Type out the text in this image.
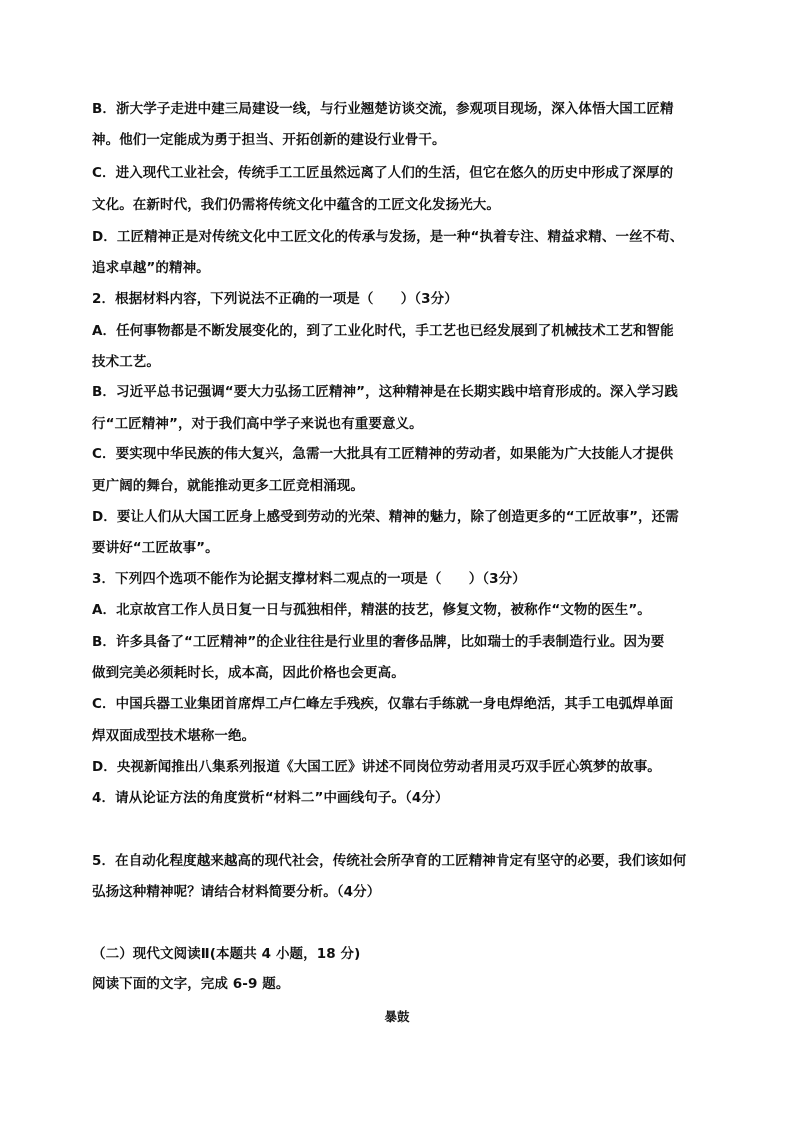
B．浙大学子走进中建三局建设一线，与行业翘楚访谈交流，参观项目现场，深入体悟大国工匠精
神。他们一定能成为勇于担当、开拓创新的建设行业骨干。
C．进入现代工业社会，传统手工工匠虽然远离了人们的生活，但它在悠久的历史中形成了深厚的
文化。在新时代，我们仍需将传统文化中蕴含的工匠文化发扬光大。
D．工匠精神正是对传统文化中工匠文化的传承与发扬，是一种“执着专注、精益求精、一丝不苟、
追求卓越”的精神。
2．根据材料内容，下列说法不正确的一项是（　　）（3分）
A．任何事物都是不断发展变化的，到了工业化时代，手工艺也已经发展到了机械技术工艺和智能
技术工艺。
B．习近平总书记强调“要大力弘扬工匠精神”，这种精神是在长期实践中培育形成的。深入学习践
行“工匠精神”，对于我们高中学子来说也有重要意义。
C．要实现中华民族的伟大复兴，急需一大批具有工匠精神的劳动者，如果能为广大技能人才提供
更广阔的舞台，就能推动更多工匠竞相涌现。
D．要让人们从大国工匠身上感受到劳动的光荣、精神的魅力，除了创造更多的“工匠故事”，还需
要讲好“工匠故事”。
3．下列四个选项不能作为论据支撑材料二观点的一项是（　　）（3分）
A．北京故宫工作人员日复一日与孤独相伴，精湛的技艺，修复文物，被称作“文物的医生”。
B．许多具备了“工匠精神”的企业往往是行业里的奢侈品牌，比如瑞士的手表制造行业。因为要
做到完美必须耗时长，成本高，因此价格也会更高。
C．中国兵器工业集团首席焊工卢仁峰左手残疾，仅靠右手练就一身电焊绝活，其手工电弧焊单面
焊双面成型技术堪称一绝。
D．央视新闻推出八集系列报道《大国工匠》讲述不同岗位劳动者用灵巧双手匠心筑梦的故事。
4．请从论证方法的角度赏析“材料二”中画线句子。（4分）
5．在自动化程度越来越高的现代社会，传统社会所孕育的工匠精神肯定有坚守的必要，我们该如何
弘扬这种精神呢？请结合材料简要分析。（4分）
（二）现代文阅读Ⅱ(本题共 4 小题，18 分)
阅读下面的文字，完成 6-9 题。
暴鼓
